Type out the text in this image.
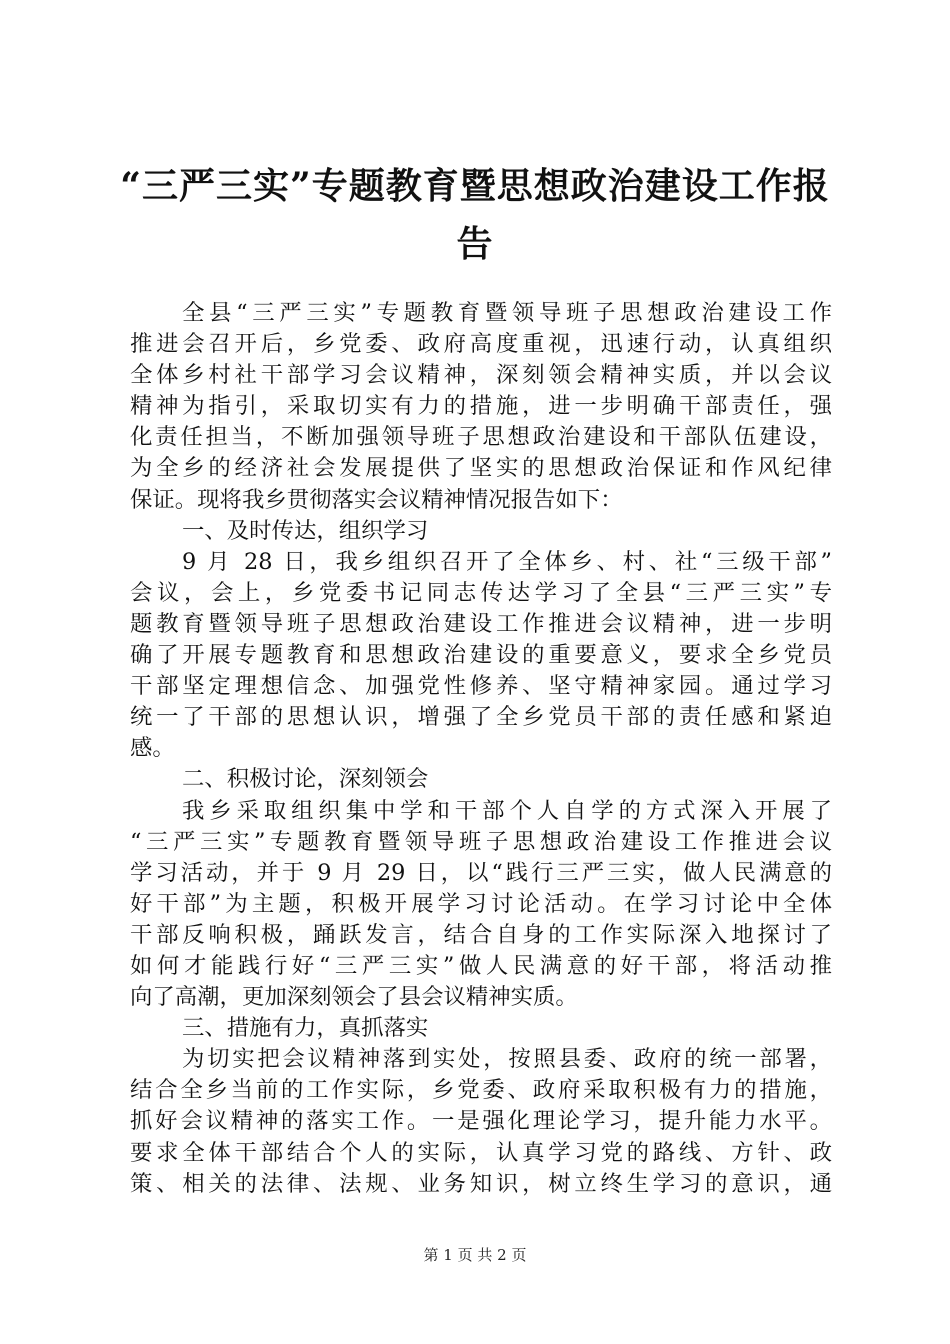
“三严三实”专题教育暨思想政治建设工作报
告
全县“三严三实”专题教育暨领导班子思想政治建设工作
推进会召开后，乡党委、政府高度重视，迅速行动，认真组织
全体乡村社干部学习会议精神，深刻领会精神实质，并以会议
精神为指引，采取切实有力的措施，进一步明确干部责任，强
化责任担当，不断加强领导班子思想政治建设和干部队伍建设，
为全乡的经济社会发展提供了坚实的思想政治保证和作风纪律
保证。现将我乡贯彻落实会议精神情况报告如下：
一、及时传达，组织学习
9 月 28 日，我乡组织召开了全体乡、村、社“三级干部”
会议，会上，乡党委书记同志传达学习了全县“三严三实”专
题教育暨领导班子思想政治建设工作推进会议精神，进一步明
确了开展专题教育和思想政治建设的重要意义，要求全乡党员
干部坚定理想信念、加强党性修养、坚守精神家园。通过学习
统一了干部的思想认识，增强了全乡党员干部的责任感和紧迫
感。
二、积极讨论，深刻领会
我乡采取组织集中学和干部个人自学的方式深入开展了
“三严三实”专题教育暨领导班子思想政治建设工作推进会议
学习活动，并于 9 月 29 日，以“践行三严三实，做人民满意的
好干部”为主题，积极开展学习讨论活动。在学习讨论中全体
干部反响积极，踊跃发言，结合自身的工作实际深入地探讨了
如何才能践行好“三严三实”做人民满意的好干部，将活动推
向了高潮，更加深刻领会了县会议精神实质。
三、措施有力，真抓落实
为切实把会议精神落到实处，按照县委、政府的统一部署，
结合全乡当前的工作实际，乡党委、政府采取积极有力的措施，
抓好会议精神的落实工作。一是强化理论学习，提升能力水平。
要求全体干部结合个人的实际，认真学习党的路线、方针、政
策、相关的法律、法规、业务知识，树立终生学习的意识，通
第 1 页 共 2 页
